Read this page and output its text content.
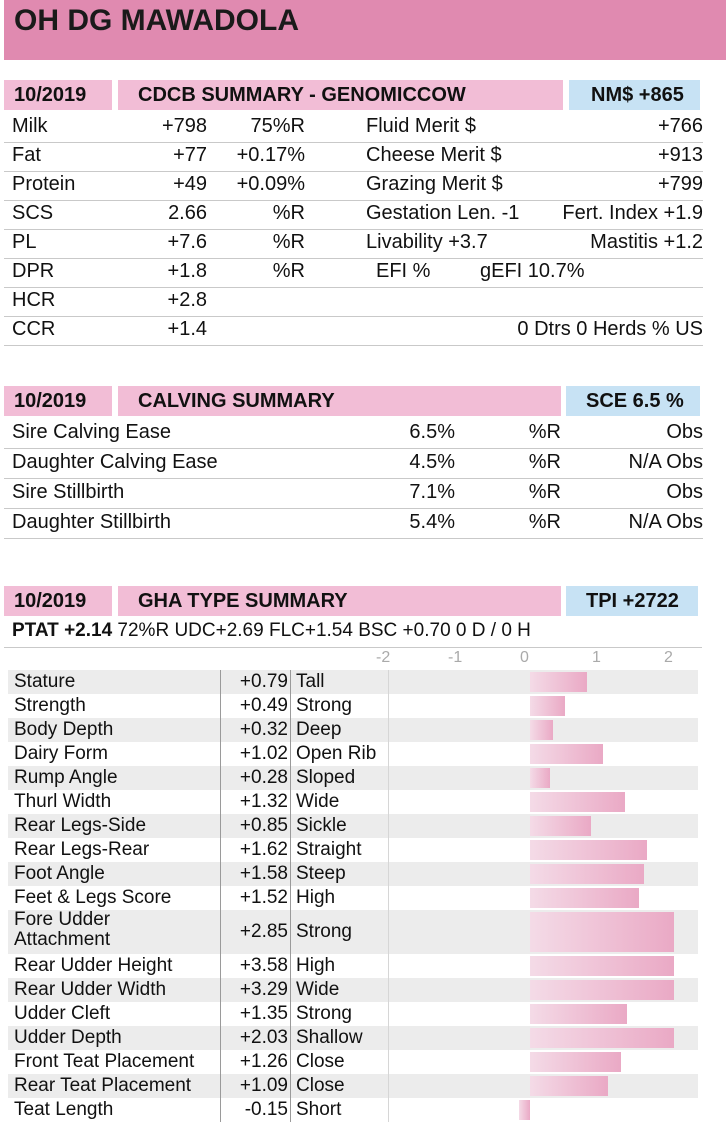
OH DG MAWADOLA
10/2019	CDCB SUMMARY - GENOMICCOW	NM$ +865
Milk	+798 75%R	Fluid Merit $	+766
Fat	+77 +0.17%	Cheese Merit $	+913
Protein	+49 +0.09%	Grazing Merit $	+799
SCS	2.66	%R	Gestation Len. -1 Fert. Index +1.9
PL	+7.6	%R	Livability +3.7	Mastitis +1.2
DPR	+1.8	%R	EFI % gEFI 10.7%
HCR	+2.8
CCR	+1.4	0 Dtrs 0 Herds % US
10/2019	CALVING SUMMARY	SCE 6.5 %
Sire Calving Ease	6.5%	%R	Obs
Daughter Calving Ease	4.5%	%R	N/A Obs
Sire Stillbirth	7.1%	%R	Obs
Daughter Stillbirth	5.4%	%R	N/A Obs
10/2019	GHA TYPE SUMMARY	TPI +2722
PTAT +2.14 72%R UDC+2.69 FLC+1.54 BSC +0.70 0 D / 0 H
-2	-1	0	1	2
Stature	+0.79 Tall
Strength	+0.49 Strong
Body Depth	+0.32 Deep
Dairy Form	+1.02 Open Rib
Rump Angle	+0.28 Sloped
Thurl Width	+1.32 Wide
Rear Legs-Side	+0.85 Sickle
Rear Legs-Rear	+1.62 Straight
Foot Angle	+1.58 Steep
Feet & Legs Score	+1.52 High
Fore Udder Attachment	+2.85 Strong
Rear Udder Height	+3.58 High
Rear Udder Width	+3.29 Wide
Udder Cleft	+1.35 Strong
Udder Depth	+2.03 Shallow
Front Teat Placement +1.26 Close
Rear Teat Placement	+1.09 Close
Teat Length	-0.15 Short
